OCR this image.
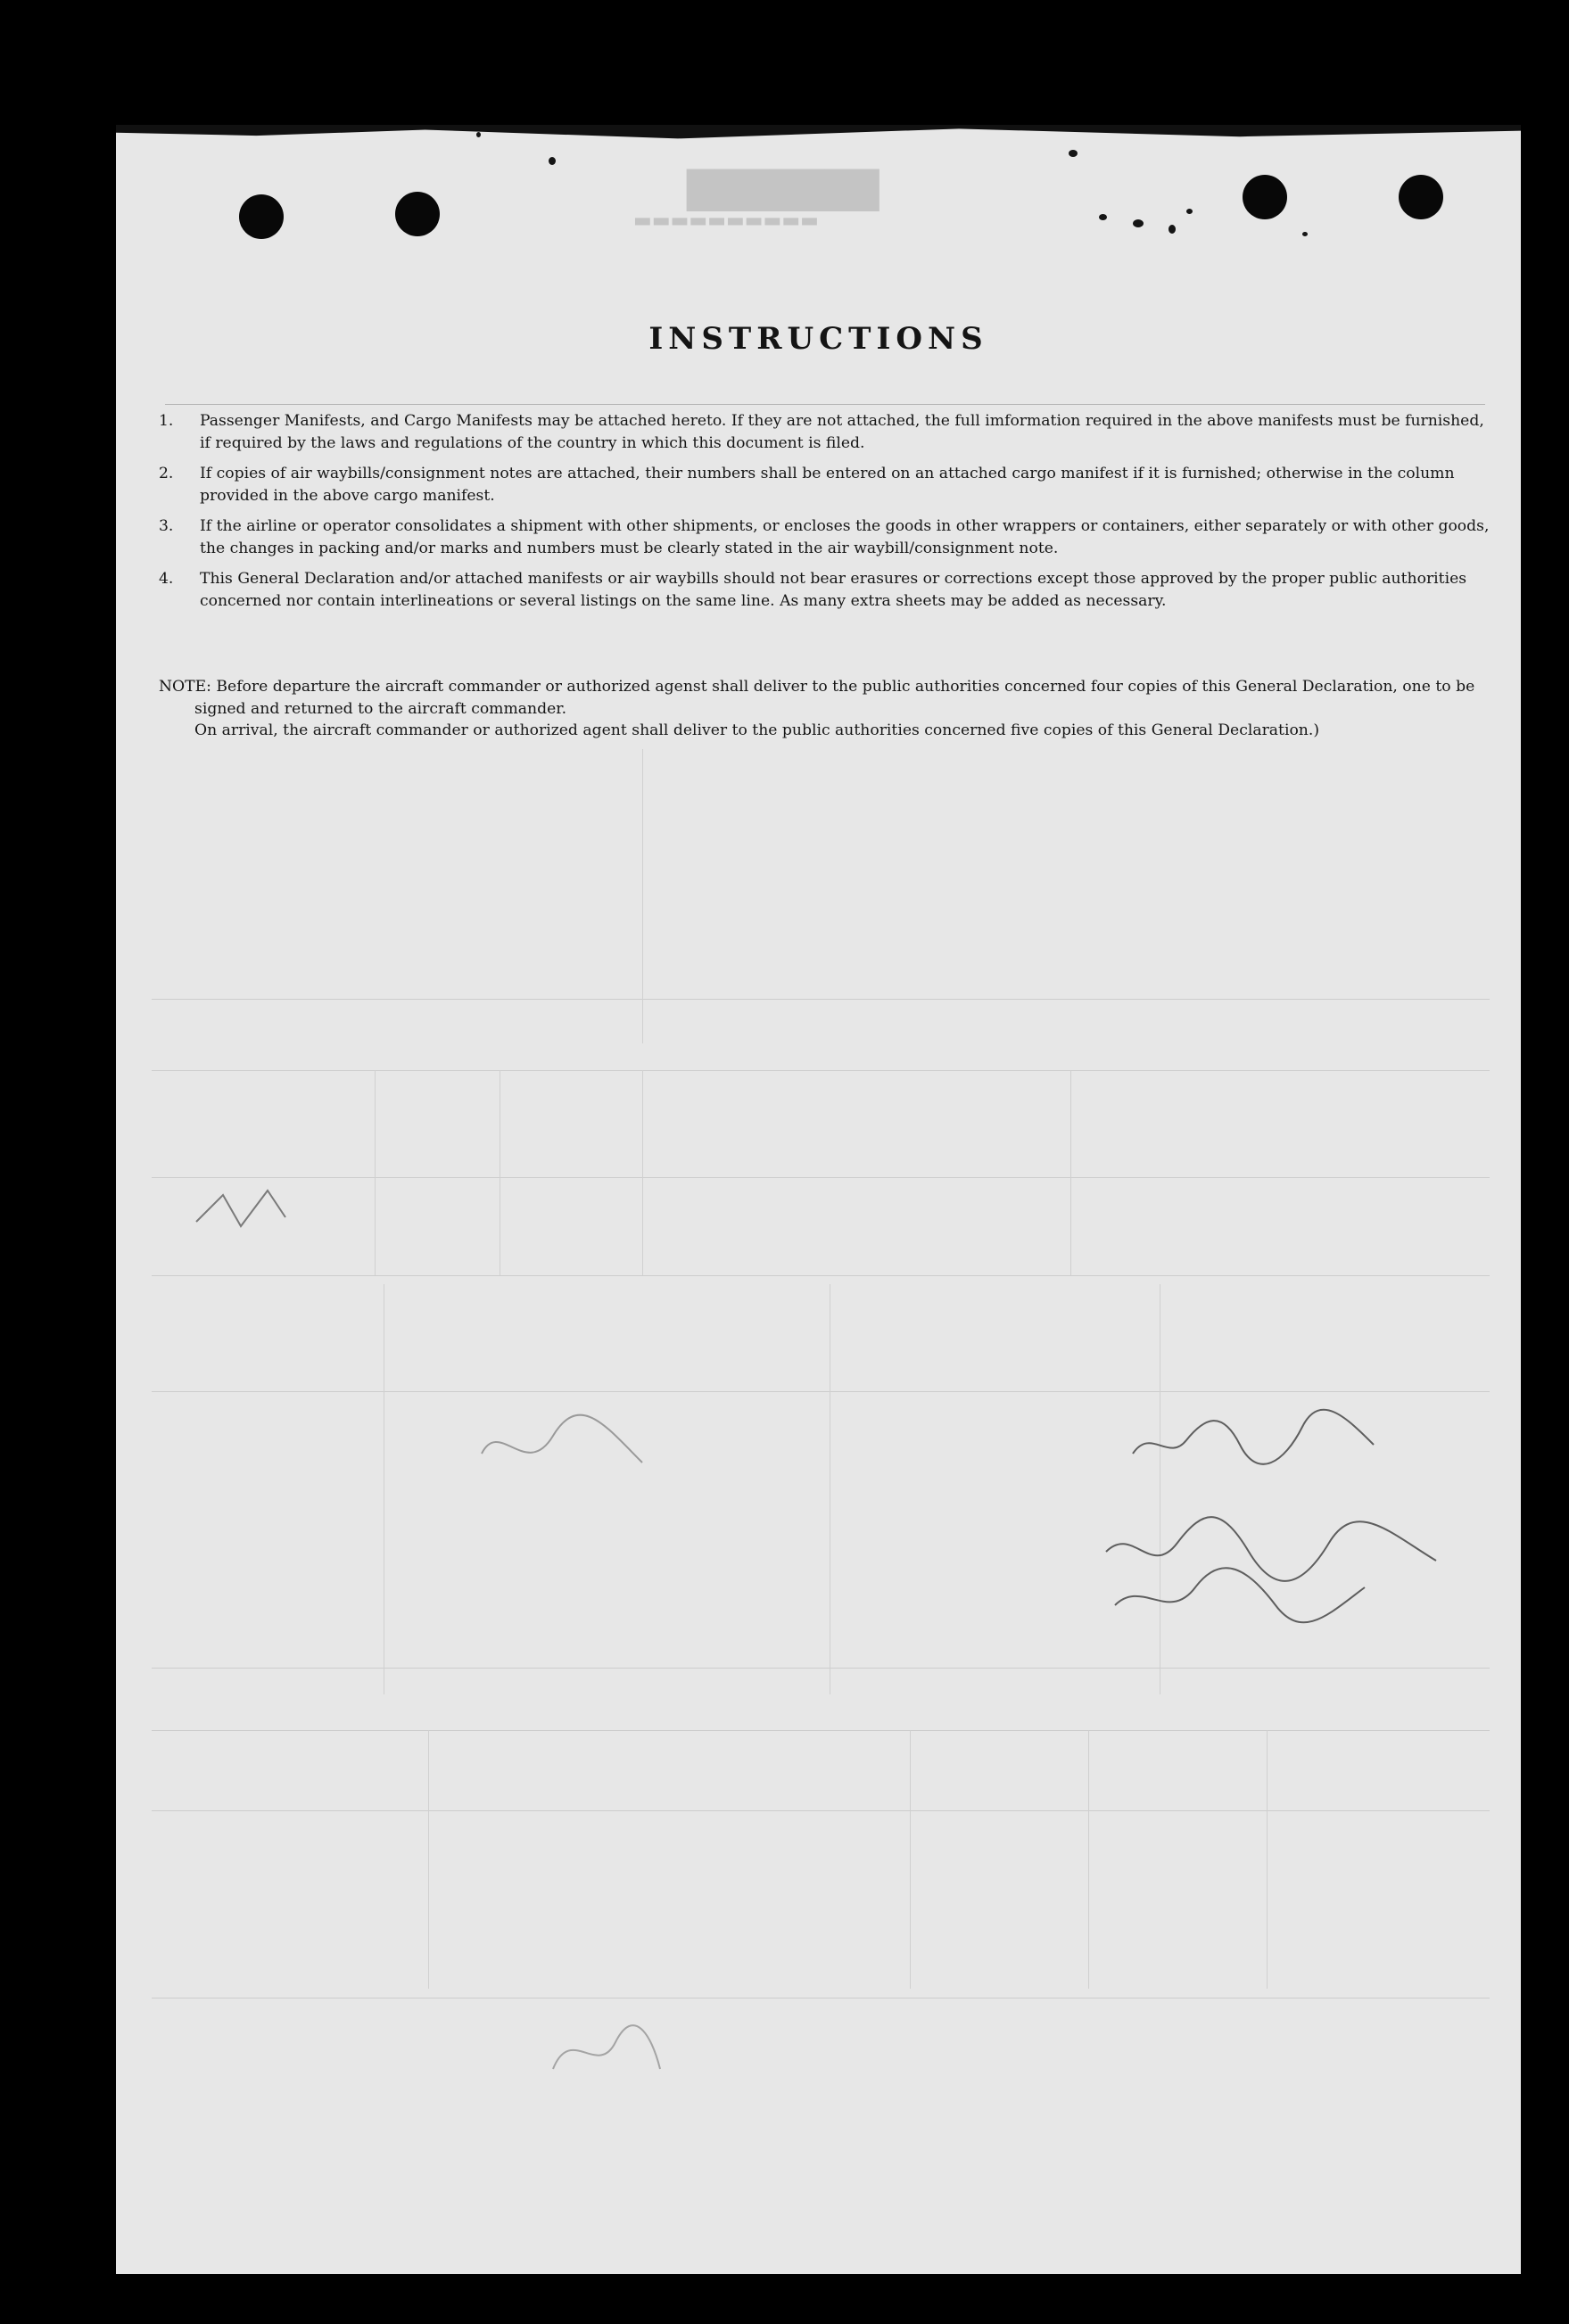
███████
▬▬▬▬▬▬▬▬▬▬
INSTRUCTIONS
1.	Passenger Manifests, and Cargo Manifests may be attached hereto. If they are not attached, the full imformation required in the above manifests must be furnished, if required by the laws and regulations of the country in which this document is filed.
2.	If copies of air waybills/consignment notes are attached, their numbers shall be entered on an attached cargo manifest if it is furnished; otherwise in the column provided in the above cargo manifest.
3.	If the airline or operator consolidates a shipment with other shipments, or encloses the goods in other wrappers or containers, either separately or with other goods, the changes in packing and/or marks and numbers must be clearly stated in the air waybill/consignment note.
4.	This General Declaration and/or attached manifests or air waybills should not bear erasures or corrections except those approved by the proper public authorities concerned nor contain interlineations or several listings on the same line. As many extra sheets may be added as necessary.

NOTE: Before departure the aircraft commander or authorized agenst shall deliver to the public authorities concerned four copies of this General Declaration, one to be signed and returned to the aircraft commander.

On arrival, the aircraft commander or authorized agent shall deliver to the public authorities concerned five copies of this General Declaration.)
